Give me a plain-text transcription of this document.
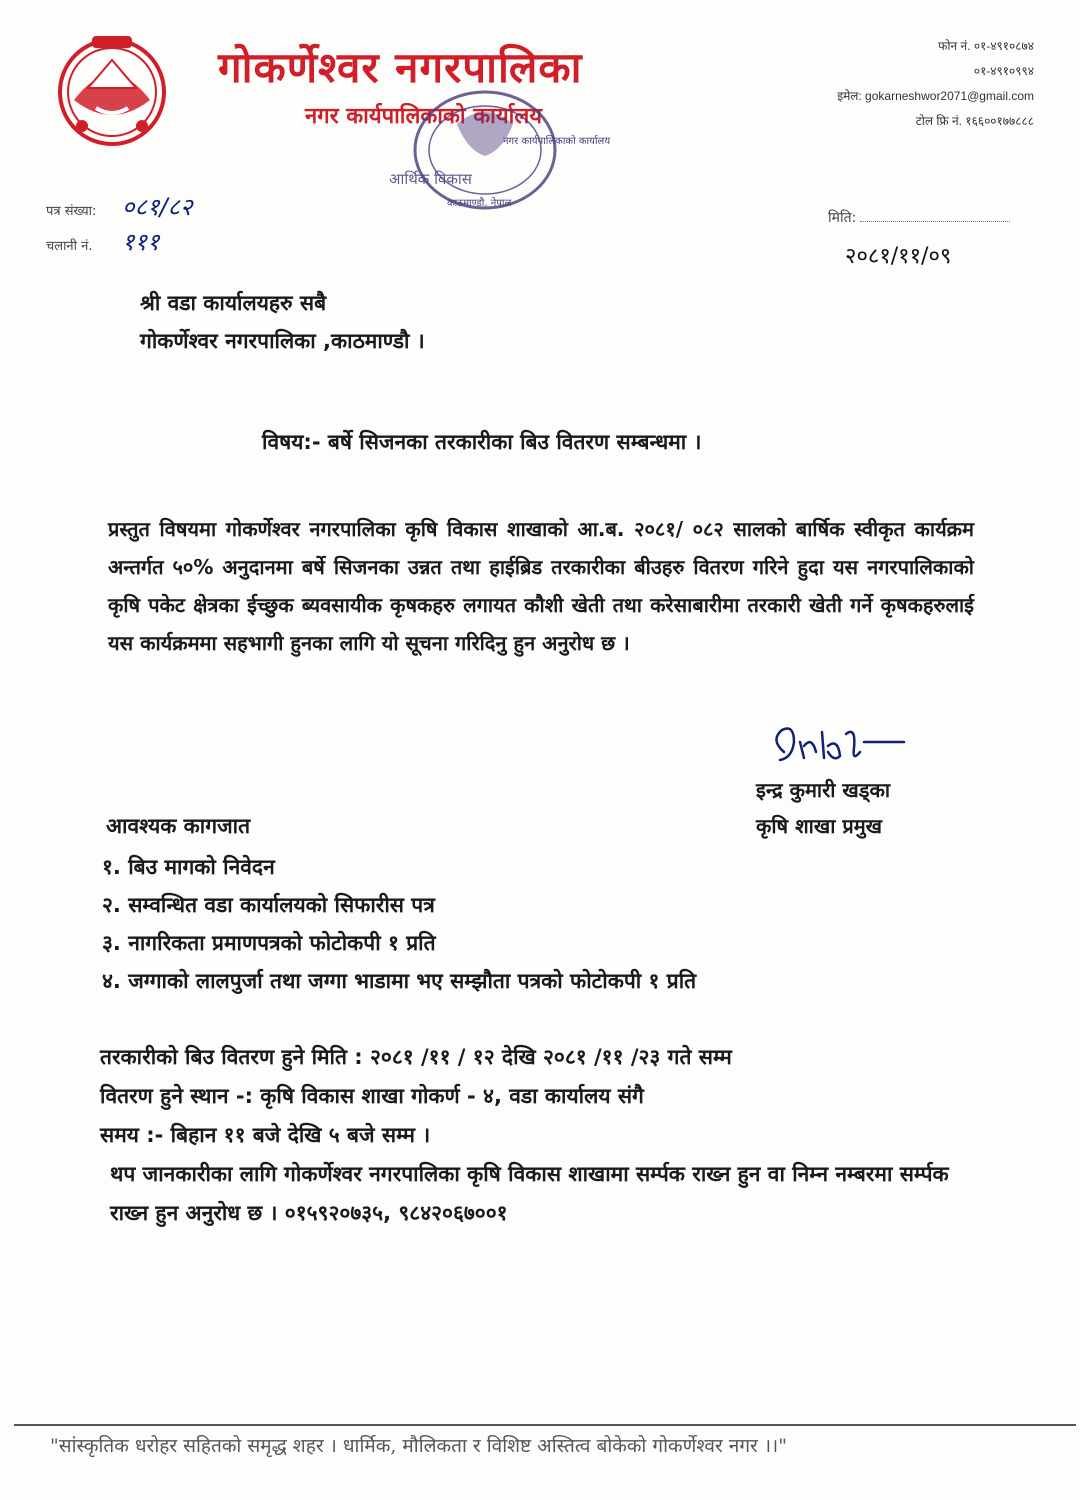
गोकर्णेश्वर नगरपालिका
नगर कार्यपालिकाको कार्यालय
फोन नं. ०१-४९१०८७४
०१-४९१०९९४
इमेल: gokarneshwor2071@gmail.com
टोल फ्रि नं. १६६००१७७८८८
नगर कार्यपालिकाको कार्यालय
आर्थिक विकास
काठमाण्डौ, नेपाल
पत्र संख्या: ०८१/८२
चलानी नं. १११
मिति:
२०८१/११/०९
श्री वडा कार्यालयहरु सबै
गोकर्णेश्वर नगरपालिका ,काठमाण्डौ ।
विषय:- बर्षे सिजनका तरकारीका बिउ वितरण सम्बन्धमा ।
प्रस्तुत विषयमा गोकर्णेश्वर नगरपालिका कृषि विकास शाखाको आ.ब. २०८१/ ०८२ सालको बार्षिक स्वीकृत कार्यक्रम अन्तर्गत ५०% अनुदानमा बर्षे सिजनका उन्नत तथा हाईब्रिड तरकारीका बीउहरु वितरण गरिने हुदा यस नगरपालिकाको कृषि पकेट क्षेत्रका ईच्छुक ब्यवसायीक कृषकहरु लगायत कौशी खेती तथा करेसाबारीमा तरकारी खेती गर्ने कृषकहरुलाई यस कार्यक्रममा सहभागी हुनका लागि यो सूचना गरिदिनु हुन अनुरोध छ ।
इन्द्र कुमारी खड्का
कृषि शाखा प्रमुख
आवश्यक कागजात
१. बिउ मागको निवेदन
२. सम्वन्धित वडा कार्यालयको सिफारीस पत्र
३. नागरिकता प्रमाणपत्रको फोटोकपी १ प्रति
४. जग्गाको लालपुर्जा तथा जग्गा भाडामा भए सम्झौता पत्रको फोटोकपी १ प्रति
तरकारीको बिउ वितरण हुने मिति : २०८१ /११ / १२ देखि २०८१ /११ /२३ गते सम्म
वितरण हुने स्थान -: कृषि विकास शाखा गोकर्ण - ४, वडा कार्यालय संगै
समय :- बिहान ११ बजे देखि ५ बजे सम्म ।
थप जानकारीका लागि गोकर्णेश्वर नगरपालिका कृषि विकास शाखामा सर्म्पक राख्न हुन वा निम्न नम्बरमा सर्म्पक राख्न हुन अनुरोध छ । ०१५९२०७३५, ९८४२०६७००१
"सांस्कृतिक धरोहर सहितको समृद्ध शहर । धार्मिक, मौलिकता र विशिष्ट अस्तित्व बोकेको गोकर्णेश्वर नगर ।।"
